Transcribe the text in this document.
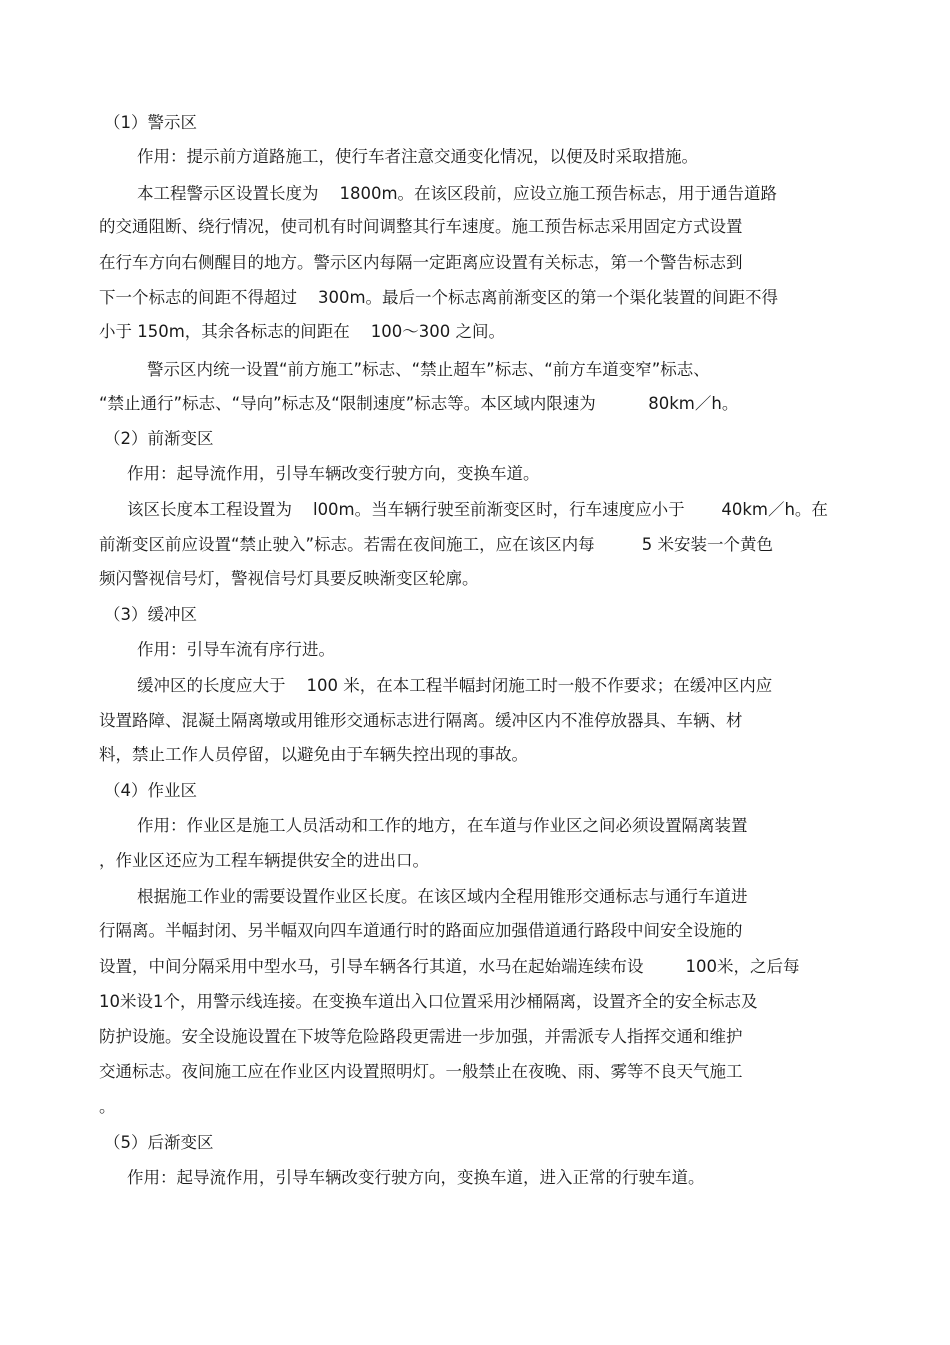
（1）警示区
作用：提示前方道路施工，使行车者注意交通变化情况，以便及时采取措施。
本工程警示区设置长度为    1800m。在该区段前，应设立施工预告标志，用于通告道路
的交通阻断、绕行情况，使司机有时间调整其行车速度。施工预告标志采用固定方式设置
在行车方向右侧醒目的地方。警示区内每隔一定距离应设置有关标志，第一个警告标志到
下一个标志的间距不得超过    300m。最后一个标志离前渐变区的第一个渠化装置的间距不得
小于 150m，其余各标志的间距在    100～300 之间。
警示区内统一设置“前方施工”标志、“禁止超车”标志、“前方车道变窄”标志、
“禁止通行”标志、“导向”标志及“限制速度”标志等。本区域内限速为          80km／h。
（2）前渐变区
作用：起导流作用，引导车辆改变行驶方向，变换车道。
该区长度本工程设置为    l00m。当车辆行驶至前渐变区时，行车速度应小于       40km／h。在
前渐变区前应设置“禁止驶入”标志。若需在夜间施工，应在该区内每         5 米安装一个黄色
频闪警视信号灯，警视信号灯具要反映渐变区轮廓。
（3）缓冲区
作用：引导车流有序行进。
缓冲区的长度应大于    100 米，在本工程半幅封闭施工时一般不作要求；在缓冲区内应
设置路障、混凝土隔离墩或用锥形交通标志进行隔离。缓冲区内不准停放器具、车辆、材
料，禁止工作人员停留，以避免由于车辆失控出现的事故。
（4）作业区
作用：作业区是施工人员活动和工作的地方，在车道与作业区之间必须设置隔离装置
，作业区还应为工程车辆提供安全的进出口。
根据施工作业的需要设置作业区长度。在该区域内全程用锥形交通标志与通行车道进
行隔离。半幅封闭、另半幅双向四车道通行时的路面应加强借道通行路段中间安全设施的
设置，中间分隔采用中型水马，引导车辆各行其道，水马在起始端连续布设        100米，之后每
10米设1个，用警示线连接。在变换车道出入口位置采用沙桶隔离，设置齐全的安全标志及
防护设施。安全设施设置在下坡等危险路段更需进一步加强，并需派专人指挥交通和维护
交通标志。夜间施工应在作业区内设置照明灯。一般禁止在夜晚、雨、雾等不良天气施工
。
（5）后渐变区
作用：起导流作用，引导车辆改变行驶方向，变换车道，进入正常的行驶车道。
